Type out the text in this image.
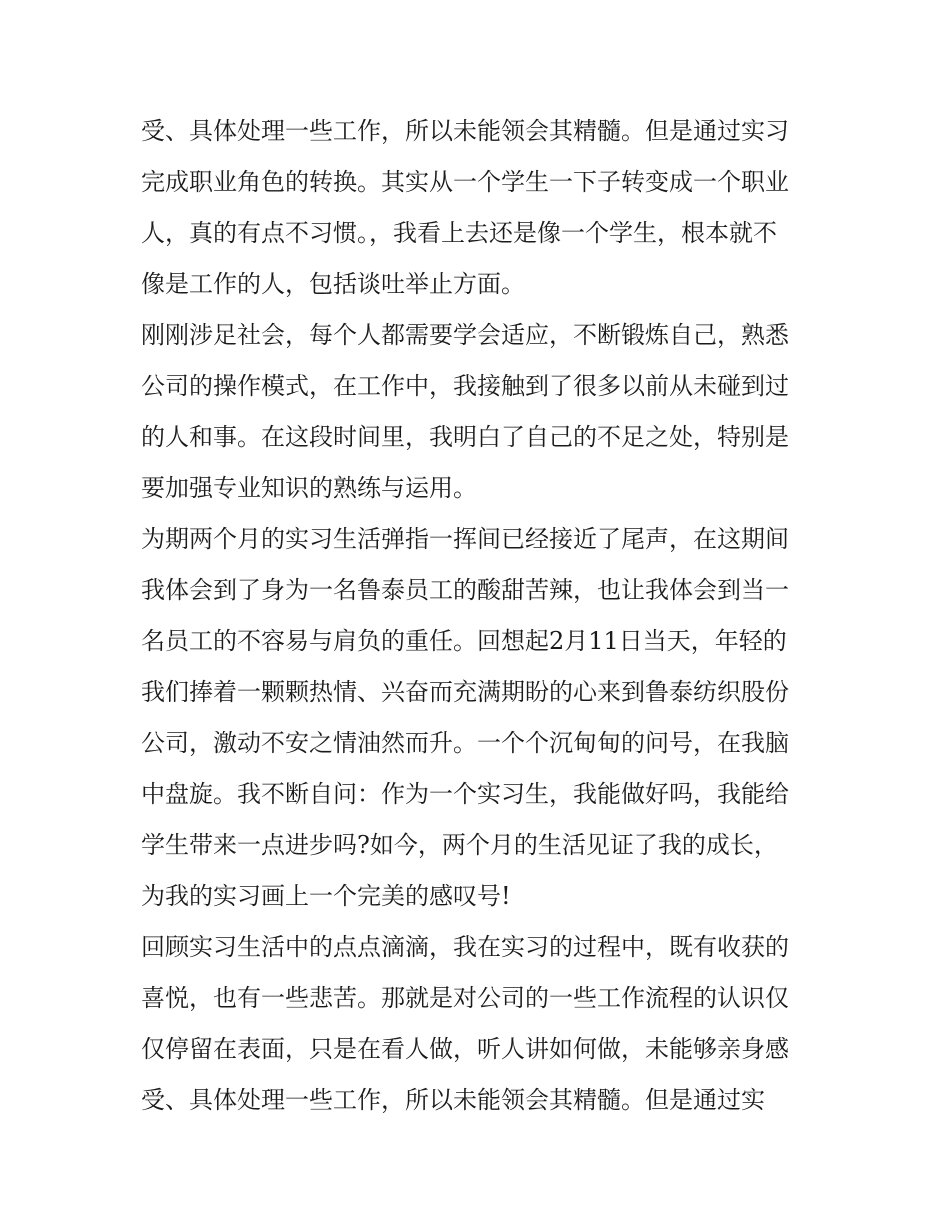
受、具体处理一些工作，所以未能领会其精髓。但是通过实习
完成职业角色的转换。其实从一个学生一下子转变成一个职业
人，真的有点不习惯。，我看上去还是像一个学生，根本就不
像是工作的人，包括谈吐举止方面。
刚刚涉足社会，每个人都需要学会适应，不断锻炼自己，熟悉
公司的操作模式，在工作中，我接触到了很多以前从未碰到过
的人和事。在这段时间里，我明白了自己的不足之处，特别是
要加强专业知识的熟练与运用。
为期两个月的实习生活弹指一挥间已经接近了尾声，在这期间
我体会到了身为一名鲁泰员工的酸甜苦辣，也让我体会到当一
名员工的不容易与肩负的重任。回想起2月11日当天，年轻的
我们捧着一颗颗热情、兴奋而充满期盼的心来到鲁泰纺织股份
公司，激动不安之情油然而升。一个个沉甸甸的问号，在我脑
中盘旋。我不断自问：作为一个实习生，我能做好吗，我能给
学生带来一点进步吗?如今，两个月的生活见证了我的成长，
为我的实习画上一个完美的感叹号!
回顾实习生活中的点点滴滴，我在实习的过程中，既有收获的
喜悦，也有一些悲苦。那就是对公司的一些工作流程的认识仅
仅停留在表面，只是在看人做，听人讲如何做，未能够亲身感
受、具体处理一些工作，所以未能领会其精髓。但是通过实
